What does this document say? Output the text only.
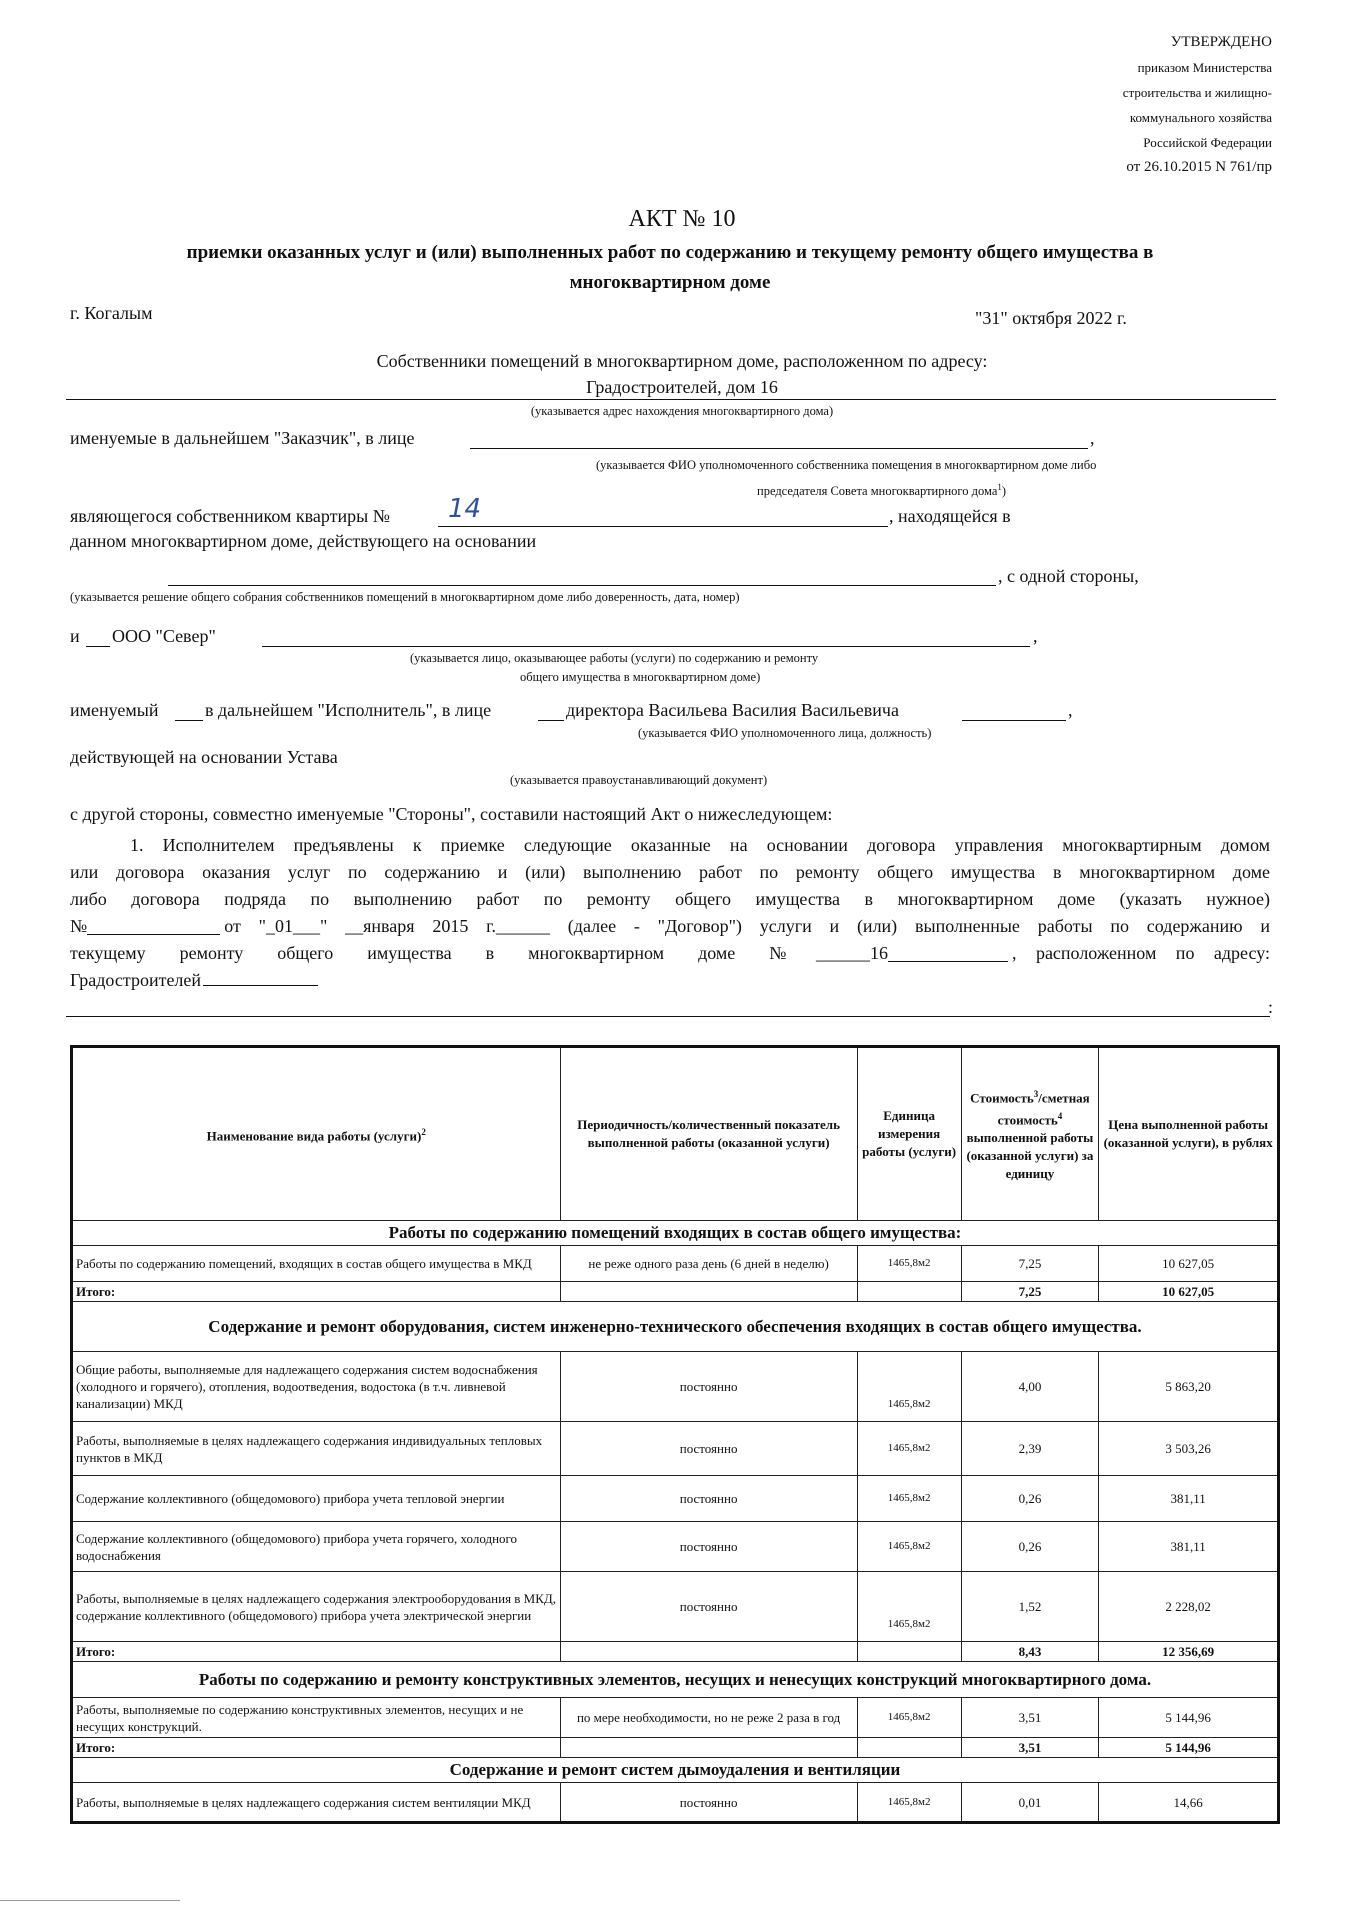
УТВЕРЖДЕНО
приказом Министерства
строительства и жилищно-
коммунального хозяйства
Российской Федерации
от 26.10.2015 N 761/пр
АКТ № 10
приемки оказанных услуг и (или) выполненных работ по содержанию и текущему ремонту общего имущества в
многоквартирном доме
г. Когалым	"31" октября 2022 г.
Собственники помещений в многоквартирном доме, расположенном по адресу:
Градостроителей, дом 16
(указывается адрес нахождения многоквартирного дома)
именуемые в дальнейшем "Заказчик", в лице	,
(указывается ФИО уполномоченного собственника помещения в многоквартирном доме либо
председателя Совета многоквартирного дома$^1$)
являющегося собственником квартиры № 14	, находящейся в
данном многоквартирном доме, действующего на основании
, с одной стороны,
(указывается решение общего собрания собственников помещений в многоквартирном доме либо доверенность, дата, номер)
и ООО "Север"	,
(указывается лицо, оказывающее работы (услуги) по содержанию и ремонту
общего имущества в многоквартирном доме)
именуемый	в дальнейшем "Исполнитель", в лице	директора Васильева Василия Васильевича	,
(указывается ФИО уполномоченного лица, должность)
действующей на основании Устава
(указывается правоустанавливающий документ)
с другой стороны, совместно именуемые "Стороны", составили настоящий Акт о нижеследующем:

1. Исполнителем предъявлены к приемке следующие оказанные на основании договора управления многоквартирным домом

или договора оказания услуг по содержанию и (или) выполнению работ по ремонту общего имущества в многоквартирном доме

либо договора подряда по выполнению работ по ремонту общего имущества в многоквартирном доме (указать нужное)

№	от "_01___" __января 2015 г.______ (далее - "Договор") услуги и (или) выполненные работы по содержанию и

текущему ремонту общего имущества в многоквартирном доме №______16	, расположенном по адресу:

Градостроителей

:
Наименование вида работы (услуги)$^2$	Периодичность/количественный показатель выполненной работы (оказанной услуги)	Единица измерения работы (услуги)	Стоимость$^3$/сметная стоимость$^4$ выполненной работы (оказанной услуги) за единицу	Цена выполненной работы (оказанной услуги), в рублях
Работы по содержанию помещений входящих в состав общего имущества:				
Работы по содержанию помещений, входящих в состав общего имущества в МКД	не реже одного раза день (6 дней в неделю)	1465,8м2	7,25	10 627,05
Итого:			7,25	10 627,05
Содержание и ремонт оборудования, систем инженерно-технического обеспечения входящих в состав общего имущества.				
Общие работы, выполняемые для надлежащего содержания систем водоснабжения (холодного и горячего), отопления, водоотведения, водостока (в т.ч. ливневой канализации) МКД	постоянно	1465,8м2	4,00	5 863,20
Работы, выполняемые в целях надлежащего содержания индивидуальных тепловых пунктов в МКД	постоянно	1465,8м2	2,39	3 503,26
Содержание коллективного (общедомового) прибора учета тепловой энергии	постоянно	1465,8м2	0,26	381,11
Содержание коллективного (общедомового) прибора учета горячего, холодного водоснабжения	постоянно	1465,8м2	0,26	381,11
Работы, выполняемые в целях надлежащего содержания электрооборудования в МКД, содержание коллективного (общедомового) прибора учета электрической энергии	постоянно	1465,8м2	1,52	2 228,02
Итого:			8,43	12 356,69
Работы по содержанию и ремонту конструктивных элементов, несущих и ненесущих конструкций многоквартирного дома.				
Работы, выполняемые по содержанию конструктивных элементов, несущих и не несущих конструкций.	по мере необходимости, но не реже 2 раза в год	1465,8м2	3,51	5 144,96
Итого:			3,51	5 144,96
Содержание и ремонт систем дымоудаления и вентиляции				
Работы, выполняемые в целях надлежащего содержания систем вентиляции МКД	постоянно	1465,8м2	0,01	14,66
